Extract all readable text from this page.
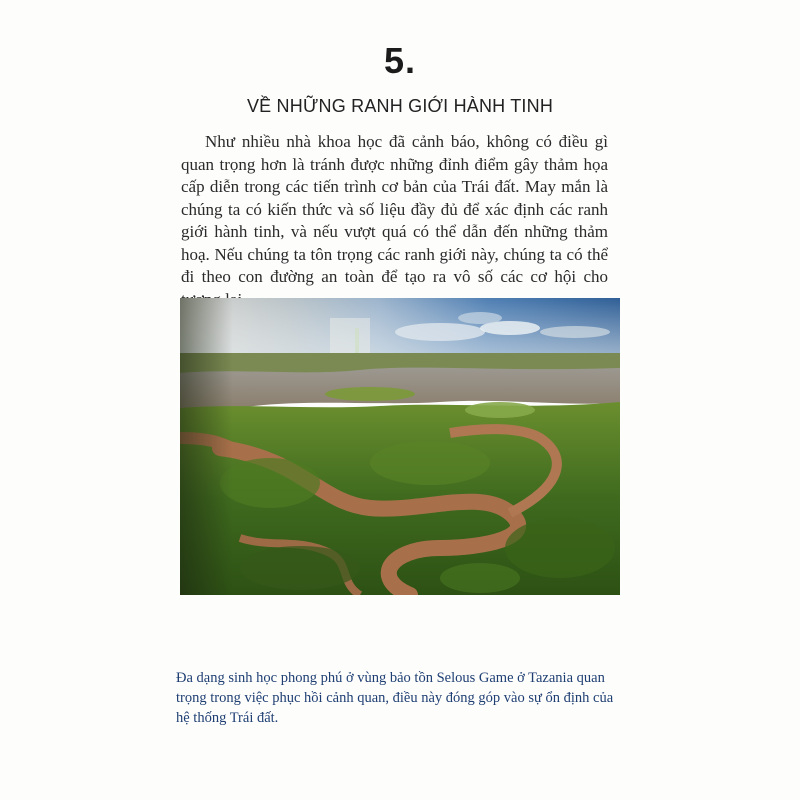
5.
VỀ NHỮNG RANH GIỚI HÀNH TINH

Như nhiều nhà khoa học đã cảnh báo, không có điều gì quan trọng hơn là tránh được những đỉnh điểm gây thảm họa cấp diễn trong các tiến trình cơ bản của Trái đất. May mắn là chúng ta có kiến thức và số liệu đầy đủ để xác định các ranh giới hành tinh, và nếu vượt quá có thể dẫn đến những thảm hoạ. Nếu chúng ta tôn trọng các ranh giới này, chúng ta có thể đi theo con đường an toàn để tạo ra vô số các cơ hội cho

Đa dạng sinh học phong phú ở vùng bảo tồn Selous Game ở Tazania quan trọng trong việc phục hồi cảnh quan, điều này đóng góp vào sự ổn định của hệ thống Trái đất.
